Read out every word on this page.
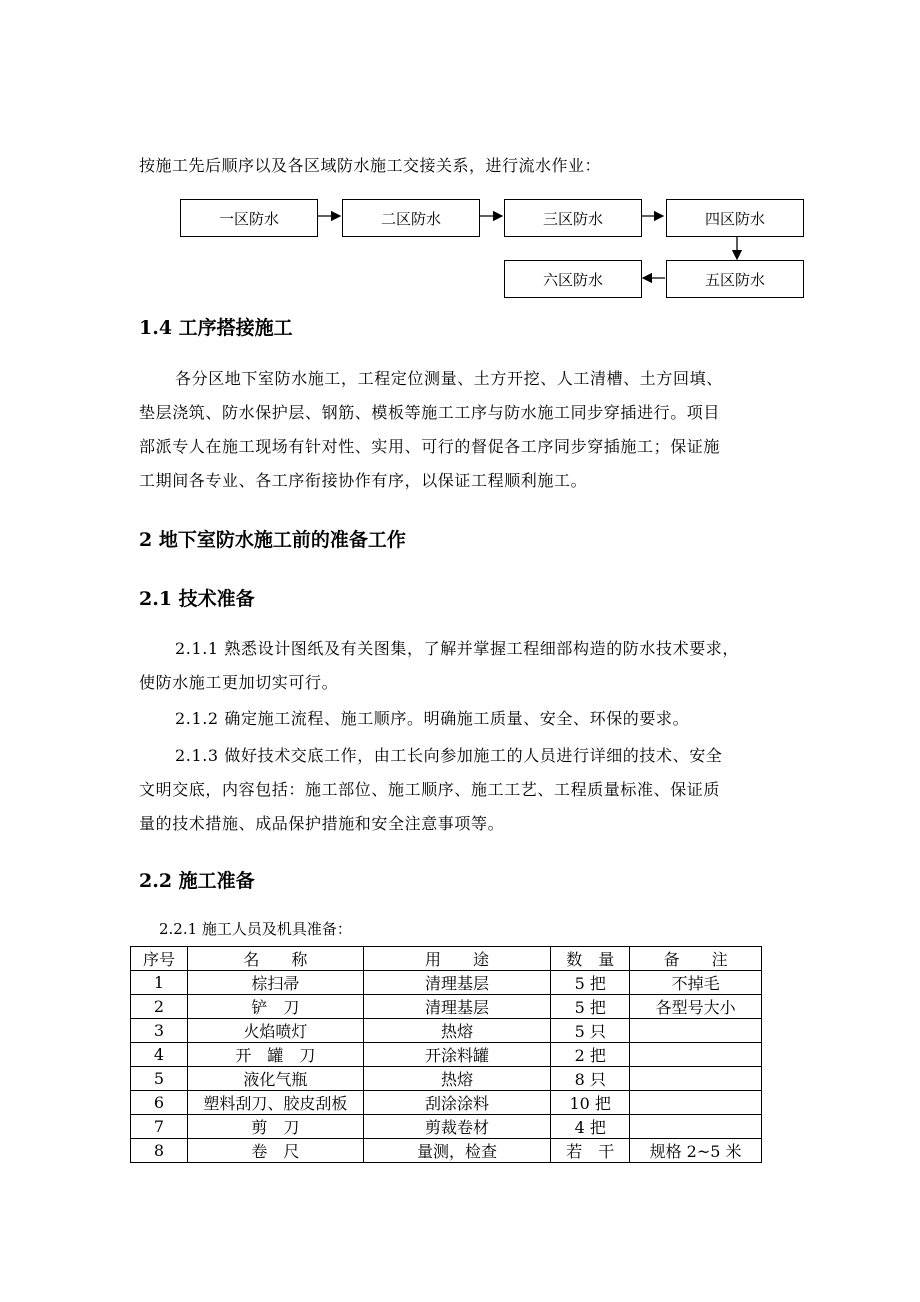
按施工先后顺序以及各区域防水施工交接关系，进行流水作业：
一区防水	二区防水	三区防水	四区防水
五区防水
六区防水
1.4 工序搭接施工
各分区地下室防水施工，工程定位测量、土方开挖、人工清槽、土方回填、
垫层浇筑、防水保护层、钢筋、模板等施工工序与防水施工同步穿插进行。项目
部派专人在施工现场有针对性、实用、可行的督促各工序同步穿插施工；保证施
工期间各专业、各工序衔接协作有序，以保证工程顺利施工。
2 地下室防水施工前的准备工作
2.1 技术准备
2.1.1 熟悉设计图纸及有关图集，了解并掌握工程细部构造的防水技术要求，
使防水施工更加切实可行。
2.1.2 确定施工流程、施工顺序。明确施工质量、安全、环保的要求。
2.1.3 做好技术交底工作，由工长向参加施工的人员进行详细的技术、安全
文明交底，内容包括：施工部位、施工顺序、施工工艺、工程质量标准、保证质
量的技术措施、成品保护措施和安全注意事项等。
2.2 施工准备
2.2.1 施工人员及机具准备：
序号	名　　称	用　　途	数　量	备　　注
1	棕扫帚	清理基层	5 把	不掉毛
2	铲　刀	清理基层	5 把	各型号大小
3	火焰喷灯	热熔	5 只	
4	开　罐　刀	开涂料罐	2 把	
5	液化气瓶	热熔	8 只	
6	塑料刮刀、胶皮刮板	刮涂涂料	10 把	
7	剪　刀	剪裁卷材	4 把	
8	卷　尺	量测，检查	若　干	规格 2~5 米
